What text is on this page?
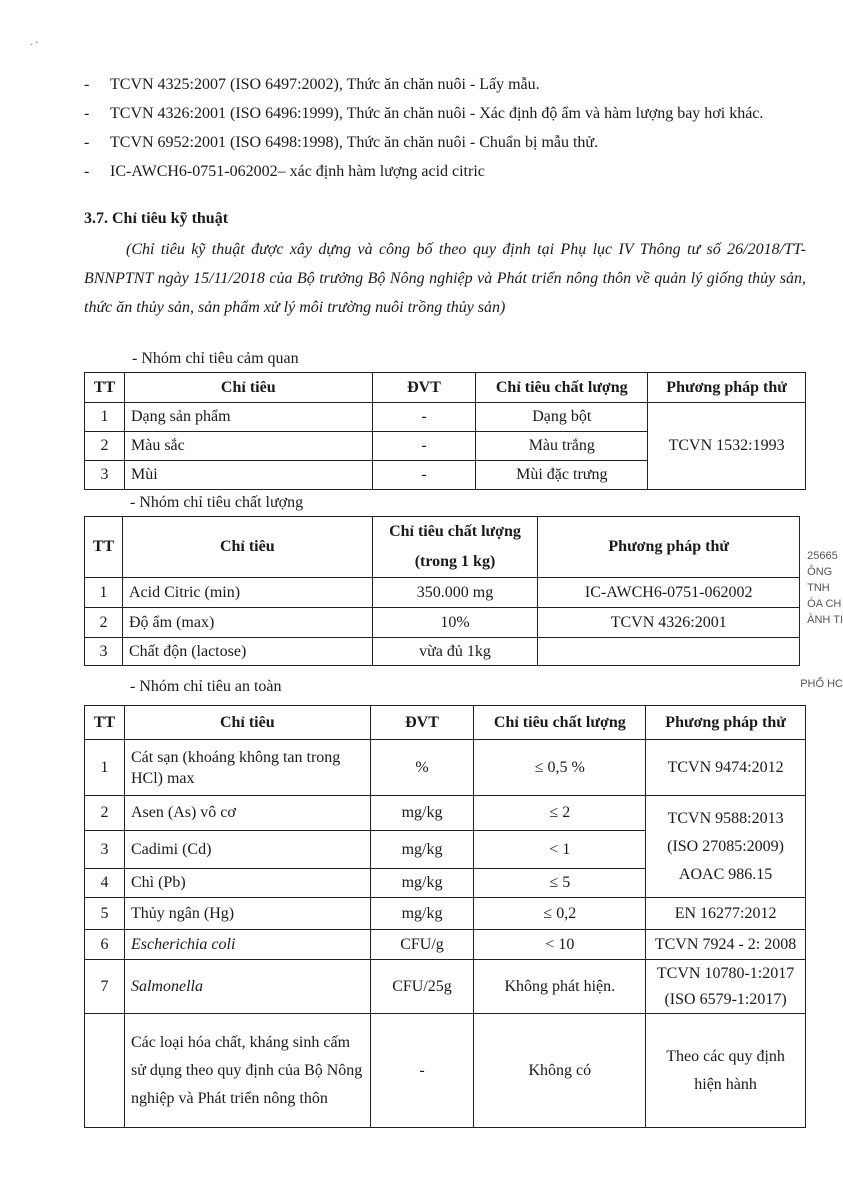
· '
-	TCVN 4325:2007 (ISO 6497:2002), Thức ăn chăn nuôi - Lấy mẫu.
-	TCVN 4326:2001 (ISO 6496:1999), Thức ăn chăn nuôi - Xác định độ ẩm và hàm lượng bay hơi khác.
-	TCVN 6952:2001 (ISO 6498:1998), Thức ăn chăn nuôi - Chuẩn bị mẫu thử.
-	IC-AWCH6-0751-062002– xác định hàm lượng acid citric
3.7. Chỉ tiêu kỹ thuật
(Chỉ tiêu kỹ thuật được xây dựng và công bố theo quy định tại Phụ lục IV Thông tư số 26/2018/TT-BNNPTNT ngày 15/11/2018 của Bộ trưởng Bộ Nông nghiệp và Phát triển nông thôn về quản lý giống thủy sản, thức ăn thủy sản, sản phẩm xử lý môi trường nuôi trồng thủy sản)
- Nhóm chỉ tiêu cảm quan
TT	Chỉ tiêu	ĐVT	Chỉ tiêu chất lượng	Phương pháp thử
1	Dạng sản phẩm	-	Dạng bột	TCVN 1532:1993
2	Màu sắc	-	Màu trắng	
3	Mùi	-	Mùi đặc trưng	
- Nhóm chỉ tiêu chất lượng
TT	Chỉ tiêu	Chỉ tiêu chất lượng (trong 1 kg)	Phương pháp thử
1	Acid Citric (min)	350.000 mg	IC-AWCH6-0751-062002
2	Độ ẩm (max)	10%	TCVN 4326:2001
3	Chất độn (lactose)	vừa đủ 1kg	
- Nhóm chỉ tiêu an toàn
TT	Chỉ tiêu	ĐVT	Chỉ tiêu chất lượng	Phương pháp thử
1	Cát sạn (khoáng không tan trong HCl) max	%	≤ 0,5 %	TCVN 9474:2012
2	Asen (As) vô cơ	mg/kg	≤ 2	TCVN 9588:2013 (ISO 27085:2009) AOAC 986.15
3	Cadimi (Cd)	mg/kg	< 1	
4	Chì (Pb)	mg/kg	≤ 5	
5	Thủy ngân (Hg)	mg/kg	≤ 0,2	EN 16277:2012
6	Escherichia coli	CFU/g	< 10	TCVN 7924 - 2: 2008
7	Salmonella	CFU/25g	Không phát hiện.	TCVN 10780-1:2017 (ISO 6579-1:2017)
	Các loại hóa chất, kháng sinh cấm sử dụng theo quy định của Bộ Nông nghiệp và Phát triển nông thôn	-	Không có	Theo các quy định hiện hành
25665
ÔNG
TNH
ÓA CH
ÀNH TI
PHỐ HC
